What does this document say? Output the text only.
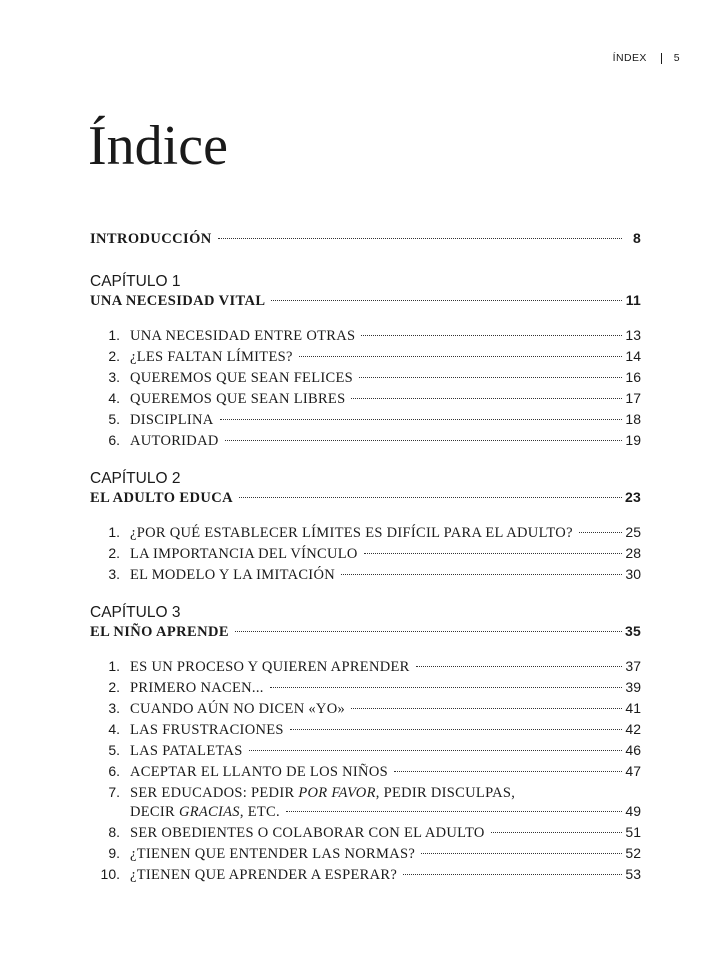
ÍNDEX	5
Índice
INTRODUCCIÓN	8
CAPÍTULO 1
UNA NECESIDAD VITAL	11
1. UNA NECESIDAD ENTRE OTRAS	13
2. ¿LES FALTAN LÍMITES?	14
3. QUEREMOS QUE SEAN FELICES	16
4. QUEREMOS QUE SEAN LIBRES	17
5. DISCIPLINA	18
6. AUTORIDAD	19
CAPÍTULO 2
EL ADULTO EDUCA	23
1. ¿POR QUÉ ESTABLECER LÍMITES ES DIFÍCIL PARA EL ADULTO?	25
2. LA IMPORTANCIA DEL VÍNCULO	28
3. EL MODELO Y LA IMITACIÓN	30
CAPÍTULO 3
EL NIÑO APRENDE	35
1. ES UN PROCESO Y QUIEREN APRENDER	37
2. PRIMERO NACEN...	39
3. CUANDO AÚN NO DICEN «YO»	41
4. LAS FRUSTRACIONES	42
5. LAS PATALETAS	46
6. ACEPTAR EL LLANTO DE LOS NIÑOS	47
7. SER EDUCADOS: PEDIR POR FAVOR, PEDIR DISCULPAS,
DECIR GRACIAS, ETC.	49
8. SER OBEDIENTES O COLABORAR CON EL ADULTO	51
9. ¿TIENEN QUE ENTENDER LAS NORMAS?	52
10. ¿TIENEN QUE APRENDER A ESPERAR?	53
